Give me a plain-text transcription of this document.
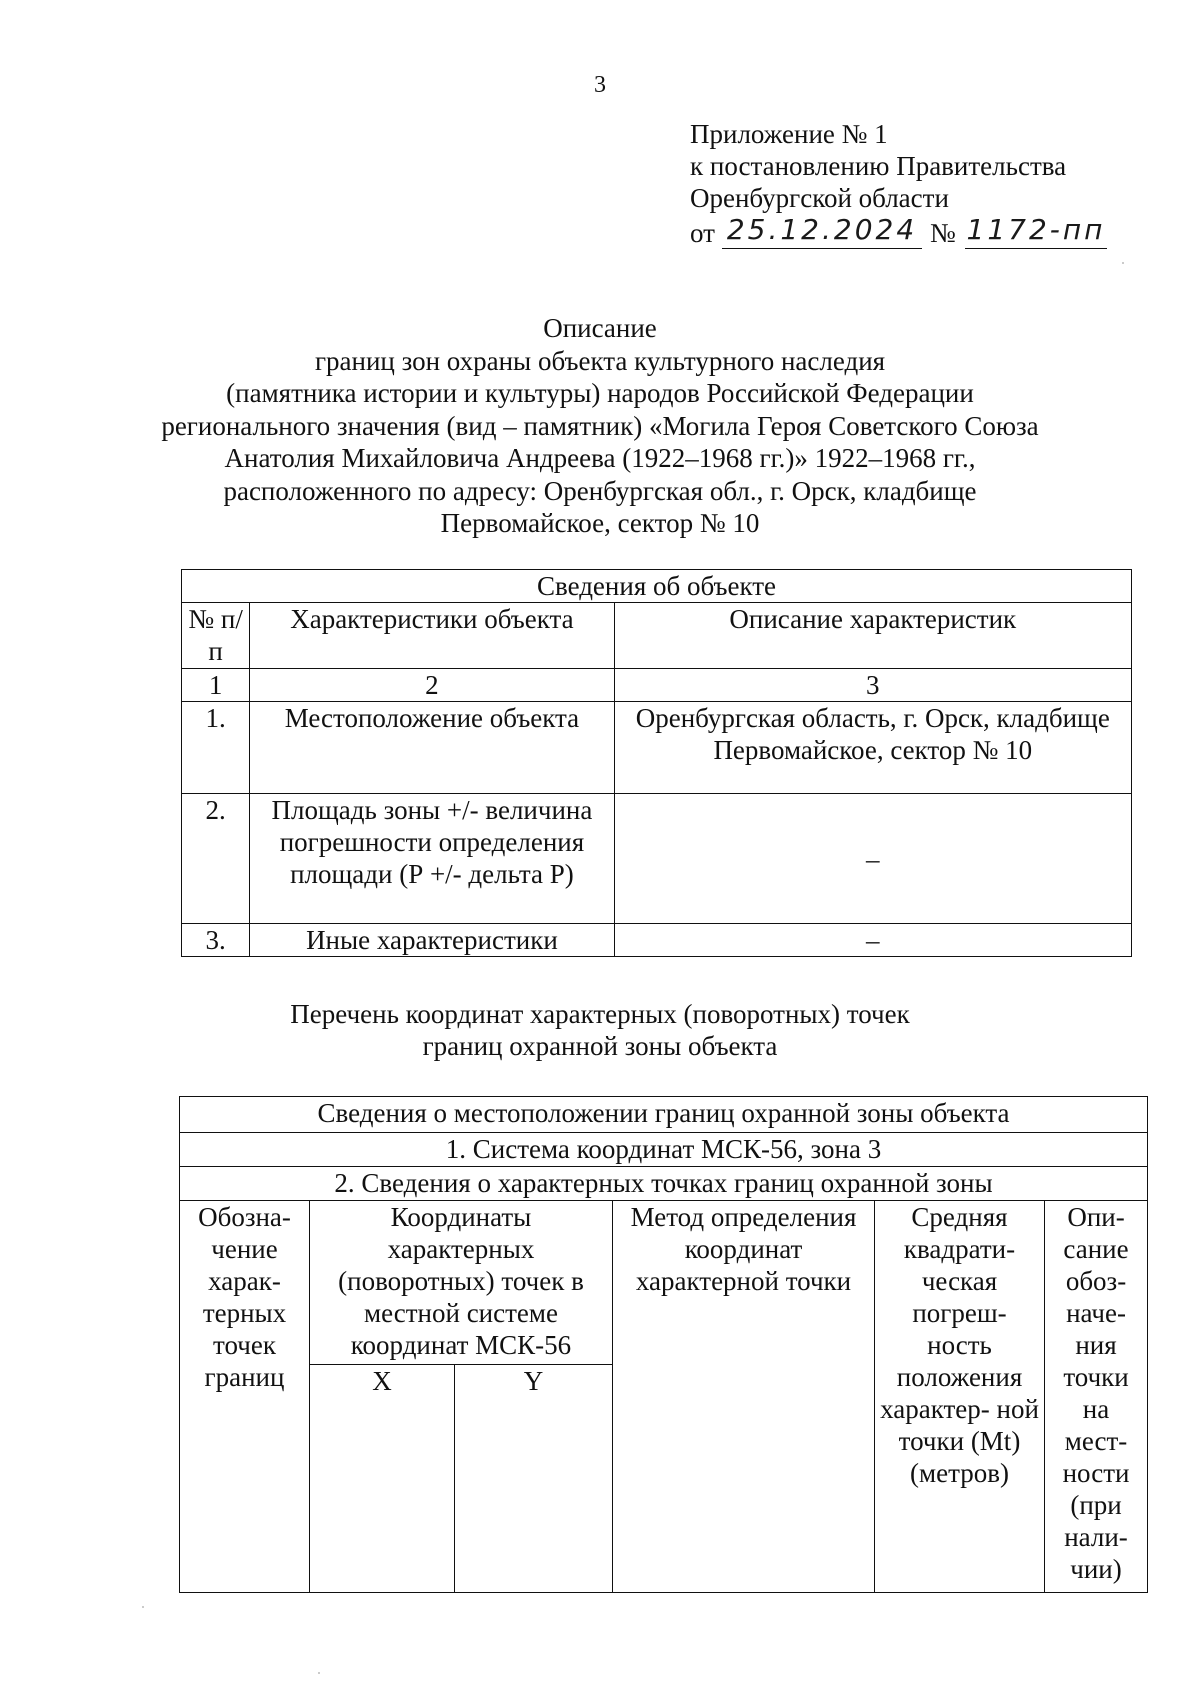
3
Приложение № 1
к постановлению Правительства
Оренбургской области
от 25.12.2024 № 1172-пп
Описание
границ зон охраны объекта культурного наследия
(памятника истории и культуры) народов Российской Федерации
регионального значения (вид – памятник) «Могила Героя Советского Союза
Анатолия Михайловича Андреева (1922–1968 гг.)» 1922–1968 гг.,
расположенного по адресу: Оренбургская обл., г. Орск, кладбище
Первомайское, сектор № 10
Сведения об объекте		
№ п/п	Характеристики объекта	Описание характеристик
1	2	3
1.	Местоположение объекта	Оренбургская область, г. Орск, кладбище Первомайское, сектор № 10
2.	Площадь зоны +/- величина погрешности определения площади (Р +/- дельта Р)	–
3.	Иные характеристики	–
Перечень координат характерных (поворотных) точек
границ охранной зоны объекта
Сведения о местоположении границ охранной зоны объекта					
1. Система координат МСК-56, зона 3					
2. Сведения о характерных точках границ охранной зоны					
Обозна- чение харак- терных точек границ	Координаты характерных (поворотных) точек в местной системе координат МСК-56		Метод определения координат характерной точки	Средняя квадрати- ческая погреш- ность положения характер- ной точки (Mt) (метров)	Опи- сание обоз- наче- ния точки на мест- ности (при нали- чии)
	X	Y			
